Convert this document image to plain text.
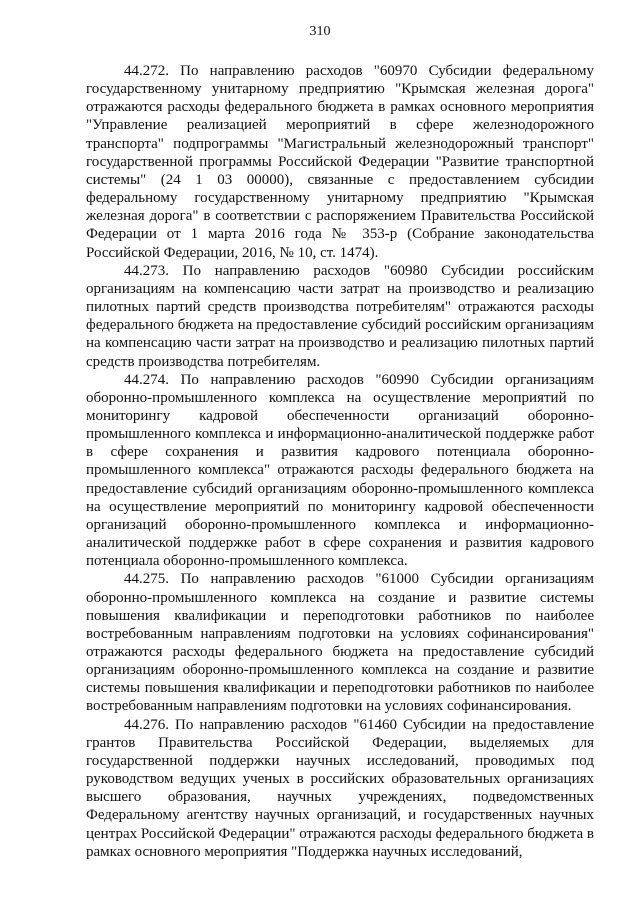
310

44.272. По направлению расходов "60970 Субсидии федеральному государственному унитарному предприятию "Крымская железная дорога" отражаются расходы федерального бюджета в рамках основного мероприятия "Управление реализацией мероприятий в сфере железнодорожного транспорта" подпрограммы "Магистральный железнодорожный транспорт" государственной программы Российской Федерации "Развитие транспортной системы" (24 1 03 00000), связанные с предоставлением субсидии федеральному государственному унитарному предприятию "Крымская железная дорога" в соответствии с распоряжением Правительства Российской Федерации от 1 марта 2016 года № 353-р (Собрание законодательства Российской Федерации, 2016, № 10, ст. 1474).

44.273. По направлению расходов "60980 Субсидии российским организациям на компенсацию части затрат на производство и реализацию пилотных партий средств производства потребителям" отражаются расходы федерального бюджета на предоставление субсидий российским организациям на компенсацию части затрат на производство и реализацию пилотных партий средств производства потребителям.

44.274. По направлению расходов "60990 Субсидии организациям оборонно-промышленного комплекса на осуществление мероприятий по мониторингу кадровой обеспеченности организаций оборонно-промышленного комплекса и информационно-аналитической поддержке работ в сфере сохранения и развития кадрового потенциала оборонно-промышленного комплекса" отражаются расходы федерального бюджета на предоставление субсидий организациям оборонно-промышленного комплекса на осуществление мероприятий по мониторингу кадровой обеспеченности организаций оборонно-промышленного комплекса и информационно-аналитической поддержке работ в сфере сохранения и развития кадрового потенциала оборонно-промышленного комплекса.

44.275. По направлению расходов "61000 Субсидии организациям оборонно-промышленного комплекса на создание и развитие системы повышения квалификации и переподготовки работников по наиболее востребованным направлениям подготовки на условиях софинансирования" отражаются расходы федерального бюджета на предоставление субсидий организациям оборонно-промышленного комплекса на создание и развитие системы повышения квалификации и переподготовки работников по наиболее востребованным направлениям подготовки на условиях софинансирования.

44.276. По направлению расходов "61460 Субсидии на предоставление грантов Правительства Российской Федерации, выделяемых для государственной поддержки научных исследований, проводимых под руководством ведущих ученых в российских образовательных организациях высшего образования, научных учреждениях, подведомственных Федеральному агентству научных организаций, и государственных научных центрах Российской Федерации" отражаются расходы федерального бюджета в рамках основного мероприятия "Поддержка научных исследований,
